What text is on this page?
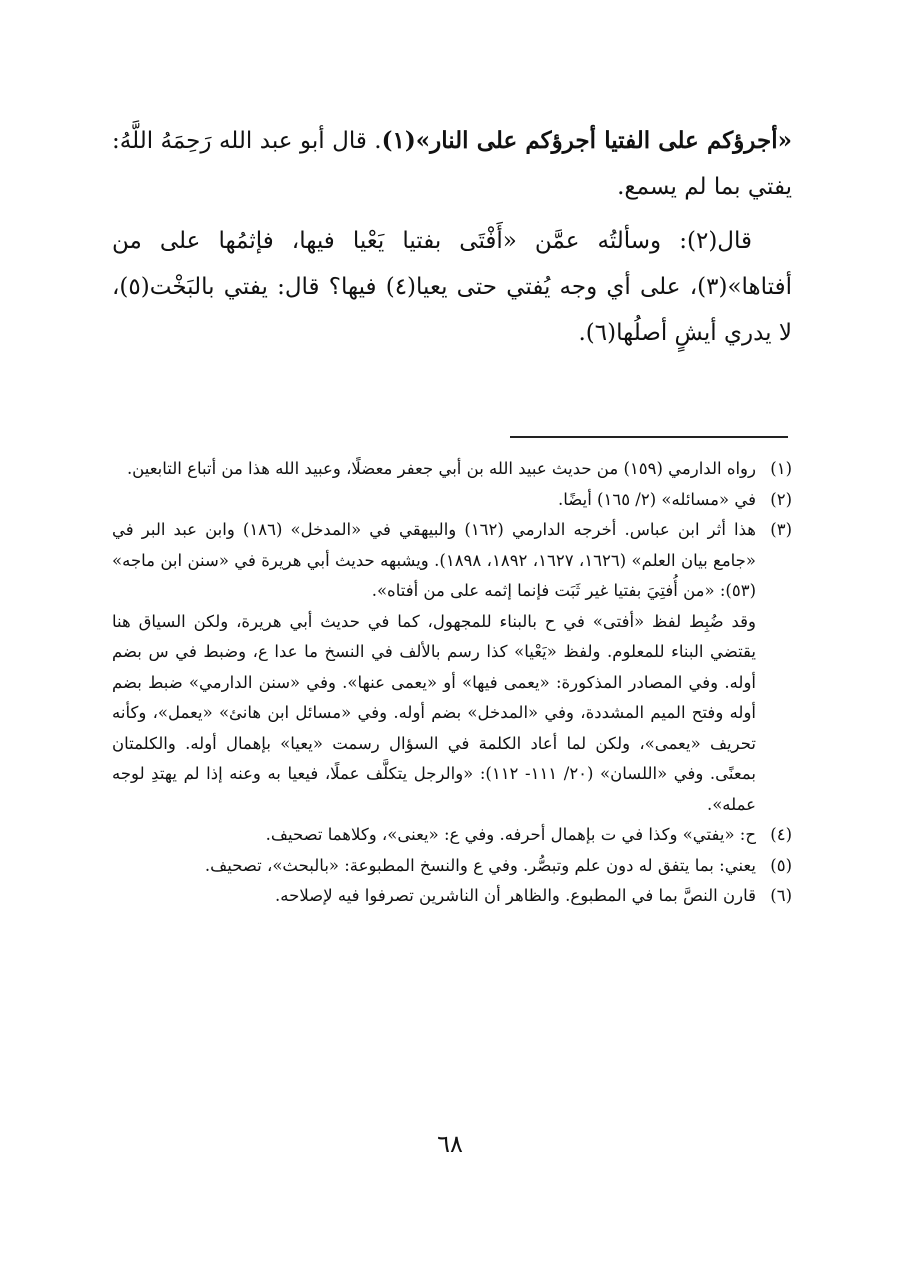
«أجرؤكم على الفتيا أجرؤكم على النار»(١). قال أبو عبد الله رَحِمَهُ اللَّهُ: يفتي بما لم يسمع.

قال(٢): وسألتُه عمَّن «أَفْتَى بفتيا يَعْيا فيها، فإثمُها على من أفتاها»(٣)، على أي وجه يُفتي حتى يعيا(٤) فيها؟ قال: يفتي بالبَخْت(٥)، لا يدري أيشٍ أصلُها(٦).

(١)

رواه الدارمي (١٥٩) من حديث عبيد الله بن أبي جعفر معضلًا، وعبيد الله هذا من أتباع التابعين.

(٢)

في «مسائله» (٢/ ١٦٥) أيضًا.

(٣)

هذا أثر ابن عباس. أخرجه الدارمي (١٦٢) والبيهقي في «المدخل» (١٨٦) وابن عبد البر في «جامع بيان العلم» (١٦٢٦، ١٦٢٧، ١٨٩٢، ١٨٩٨). ويشبهه حديث أبي هريرة في «سنن ابن ماجه» (٥٣): «من أُفتِيَ بفتيا غير ثَبَت فإنما إثمه على من أفتاه».

وقد ضُبِط لفظ «أفتى» في ح بالبناء للمجهول، كما في حديث أبي هريرة، ولكن السياق هنا يقتضي البناء للمعلوم. ولفظ «يَعْيا» كذا رسم بالألف في النسخ ما عدا ع، وضبط في س بضم أوله. وفي المصادر المذكورة: «يعمى فيها» أو «يعمى عنها». وفي «سنن الدارمي» ضبط بضم أوله وفتح الميم المشددة، وفي «المدخل» بضم أوله. وفي «مسائل ابن هانئ» «يعمل»، وكأنه تحريف «يعمى»، ولكن لما أعاد الكلمة في السؤال رسمت «يعيا» بإهمال أوله. والكلمتان بمعنًى. وفي «اللسان» (٢٠/ ١١١- ١١٢): «والرجل يتكلَّف عملًا، فيعيا به وعنه إذا لم يهتدِ لوجه عمله».

(٤)

ح: «يفتي» وكذا في ت بإهمال أحرفه. وفي ع: «يعنى»، وكلاهما تصحيف.

(٥)

يعني: بما يتفق له دون علم وتبصُّر. وفي ع والنسخ المطبوعة: «بالبحث»، تصحيف.

(٦)

قارن النصَّ بما في المطبوع. والظاهر أن الناشرين تصرفوا فيه لإصلاحه.

٦٨
